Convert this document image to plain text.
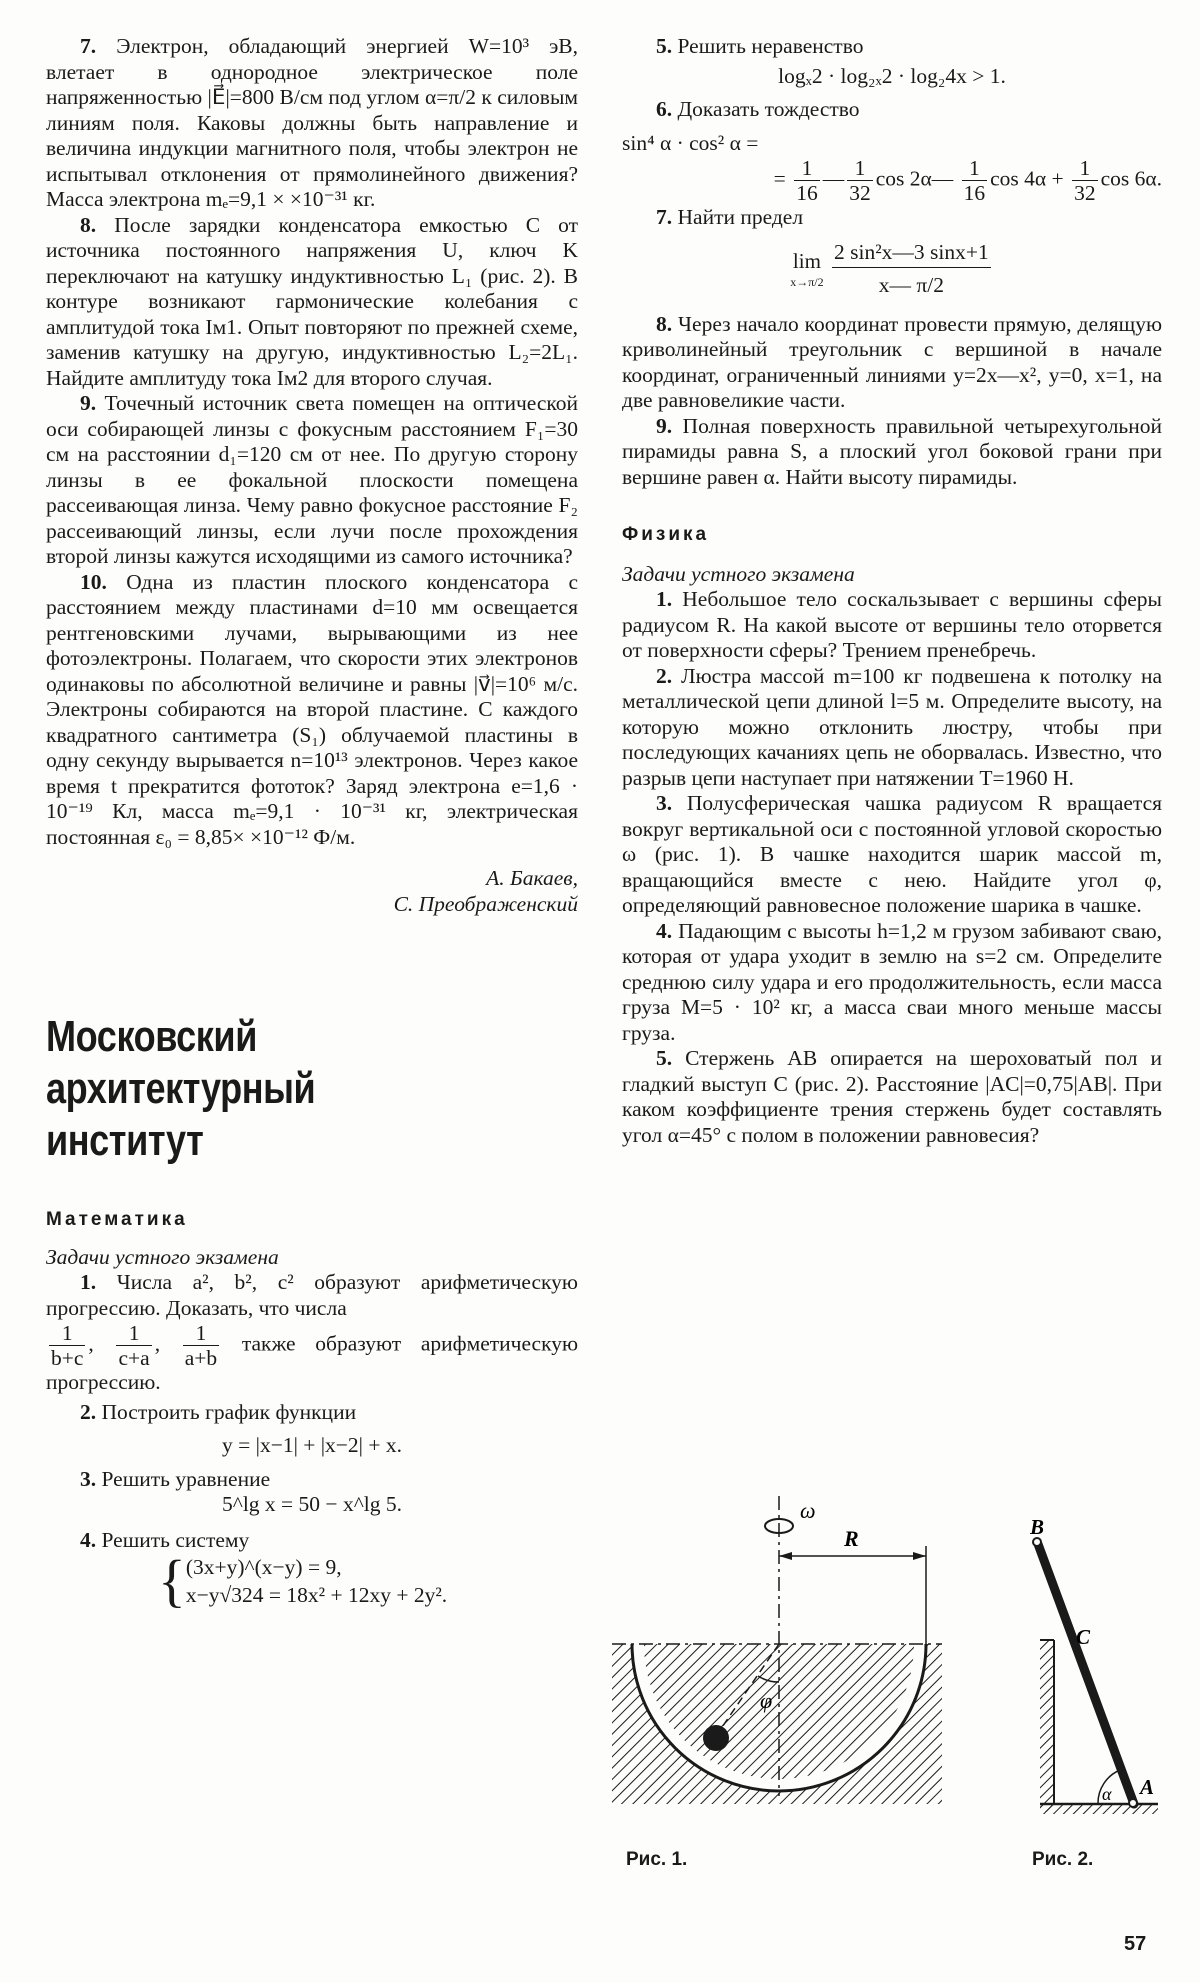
7. Электрон, обладающий энергией W=10³ эВ, влетает в однородное электрическое поле напряженностью |E⃗|=800 В/см под углом α=π/2 к силовым линиям поля. Каковы должны быть направление и величина индукции магнитного поля, чтобы электрон не испытывал отклонения от прямолинейного движения? Масса электрона mₑ=9,1 × ×10⁻³¹ кг.

8. После зарядки конденсатора емкостью C от источника постоянного напряжения U, ключ K переключают на катушку индуктивностью L₁ (рис. 2). В контуре возникают гармонические колебания с амплитудой тока Iм1. Опыт повторяют по прежней схеме, заменив катушку на другую, индуктивностью L₂=2L₁. Найдите амплитуду тока Iм2 для второго случая.

9. Точечный источник света помещен на оптической оси собирающей линзы с фокусным расстоянием F₁=30 см на расстоянии d₁=120 см от нее. По другую сторону линзы в ее фокальной плоскости помещена рассеивающая линза. Чему равно фокусное расстояние F₂ рассеивающий линзы, если лучи после прохождения второй линзы кажутся исходящими из самого источника?

10. Одна из пластин плоского конденсатора с расстоянием между пластинами d=10 мм освещается рентгеновскими лучами, вырывающими из нее фотоэлектроны. Полагаем, что скорости этих электронов одинаковы по абсолютной величине и равны |v⃗|=10⁶ м/с. Электроны собираются на второй пластине. С каждого квадратного сантиметра (S₁) облучаемой пластины в одну секунду вырывается n=10¹³ электронов. Через какое время t прекратится фототок? Заряд электрона e=1,6 · 10⁻¹⁹ Кл, масса mₑ=9,1 · 10⁻³¹ кг, электрическая постоянная ε₀ = 8,85× ×10⁻¹² Ф/м.

А. Бакаев,

С. Преображенский

Московский
архитектурный
институт

Математика

Задачи устного экзамена

1. Числа a², b², c² образуют арифметическую прогрессию. Доказать, что числа

$\frac{1}{b+c}$ , $\frac{1}{c+a}$ , $\frac{1}{a+b}$ также образуют арифметическую прогрессию.

2. Построить график функции

y = |x−1| + |x−2| + x.

3. Решить уравнение

5^lg x = 50 − x^lg 5.

4. Решить систему

{ (3x+y)^(x−y) = 9,
x−y√324 = 18x² + 12xy + 2y².

5. Решить неравенство

logₓ2 · log₂ₓ2 · log₂4x > 1.

6. Доказать тождество

sin⁴ α · cos² α =

= $\frac{1}{16}$ — $\frac{1}{32}$ cos 2α— $\frac{1}{16}$ $\cos 4\alpha + \frac{1}{32}$ cos 6α.

7. Найти предел

lim
x→π/2
$\frac{\text{2 sin²x—3 sinx+1}}{x— \pi/2}$

8. Через начало координат провести прямую, делящую криволинейный треугольник с вершиной в начале координат, ограниченный линиями y=2x—x², y=0, x=1, на две равновеликие части.

9. Полная поверхность правильной четырехугольной пирамиды равна S, а плоский угол боковой грани при вершине равен α. Найти высоту пирамиды.

Физика

Задачи устного экзамена

1. Небольшое тело соскальзывает с вершины сферы радиусом R. На какой высоте от вершины тело оторвется от поверхности сферы? Трением пренебречь.

2. Люстра массой m=100 кг подвешена к потолку на металлической цепи длиной l=5 м. Определите высоту, на которую можно отклонить люстру, чтобы при последующих качаниях цепь не оборвалась. Известно, что разрыв цепи наступает при натяжении T=1960 Н.

3. Полусферическая чашка радиусом R вращается вокруг вертикальной оси с постоянной угловой скоростью ω (рис. 1). В чашке находится шарик массой m, вращающийся вместе с нею. Найдите угол φ, определяющий равновесное положение шарика в чашке.

4. Падающим с высоты h=1,2 м грузом забивают сваю, которая от удара уходит в землю на s=2 см. Определите среднюю силу удара и его продолжительность, если масса груза M=5 · 10² кг, а масса сваи много меньше массы груза.

5. Стержень AB опирается на шероховатый пол и гладкий выступ C (рис. 2). Расстояние |AC|=0,75|AB|. При каком коэффициенте трения стержень будет составлять угол α=45° с полом в положении равновесия?

ω
R
φ
Рис. 1.
B
C
A
α
Рис. 2.
57
